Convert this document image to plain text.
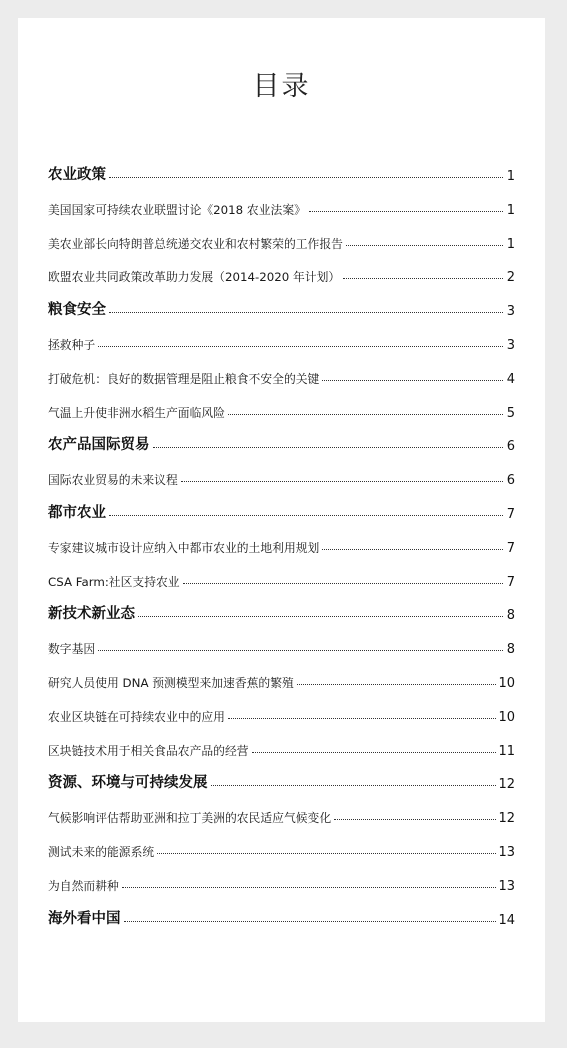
目录
农业政策	1
美国国家可持续农业联盟讨论《2018 农业法案》	1
美农业部长向特朗普总统递交农业和农村繁荣的工作报告	1
欧盟农业共同政策改革助力发展（2014-2020 年计划）	2
粮食安全	3
拯救种子	3
打破危机：良好的数据管理是阻止粮食不安全的关键	4
气温上升使非洲水稻生产面临风险	5
农产品国际贸易	6
国际农业贸易的未来议程	6
都市农业	7
专家建议城市设计应纳入中都市农业的土地利用规划	7
CSA Farm:社区支持农业	7
新技术新业态	8
数字基因	8
研究人员使用 DNA 预测模型来加速香蕉的繁殖	10
农业区块链在可持续农业中的应用	10
区块链技术用于相关食品农产品的经营	11
资源、环境与可持续发展	12
气候影响评估帮助亚洲和拉丁美洲的农民适应气候变化	12
测试未来的能源系统	13
为自然而耕种	13
海外看中国	14
